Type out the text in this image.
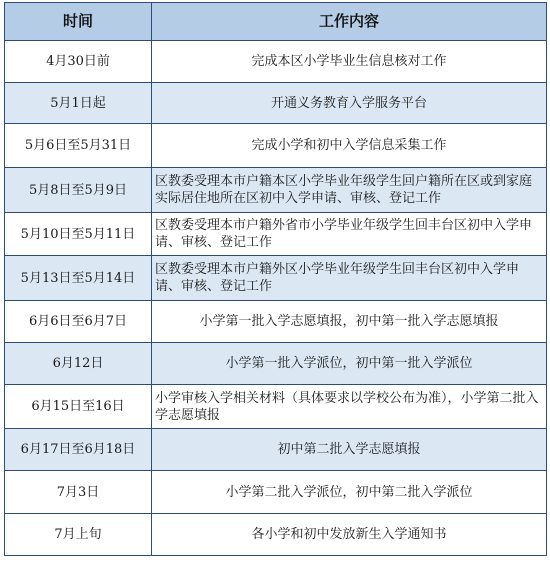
时间	工作内容
4月30日前	完成本区小学毕业生信息核对工作
5月1日起	开通义务教育入学服务平台
5月6日至5月31日	完成小学和初中入学信息采集工作
5月8日至5月9日	区教委受理本市户籍本区小学毕业年级学生回户籍所在区或到家庭实际居住地所在区初中入学申请、审核、登记工作
5月10日至5月11日	区教委受理本市户籍外省市小学毕业年级学生回丰台区初中入学申请、审核、登记工作
5月13日至5月14日	区教委受理本市户籍外区小学毕业年级学生回丰台区初中入学申请、审核、登记工作
6月6日至6月7日	小学第一批入学志愿填报，初中第一批入学志愿填报
6月12日	小学第一批入学派位，初中第一批入学派位
6月15日至16日	小学审核入学相关材料（具体要求以学校公布为准），小学第二批入学志愿填报
6月17日至6月18日	初中第二批入学志愿填报
7月3日	小学第二批入学派位，初中第二批入学派位
7月上旬	各小学和初中发放新生入学通知书
